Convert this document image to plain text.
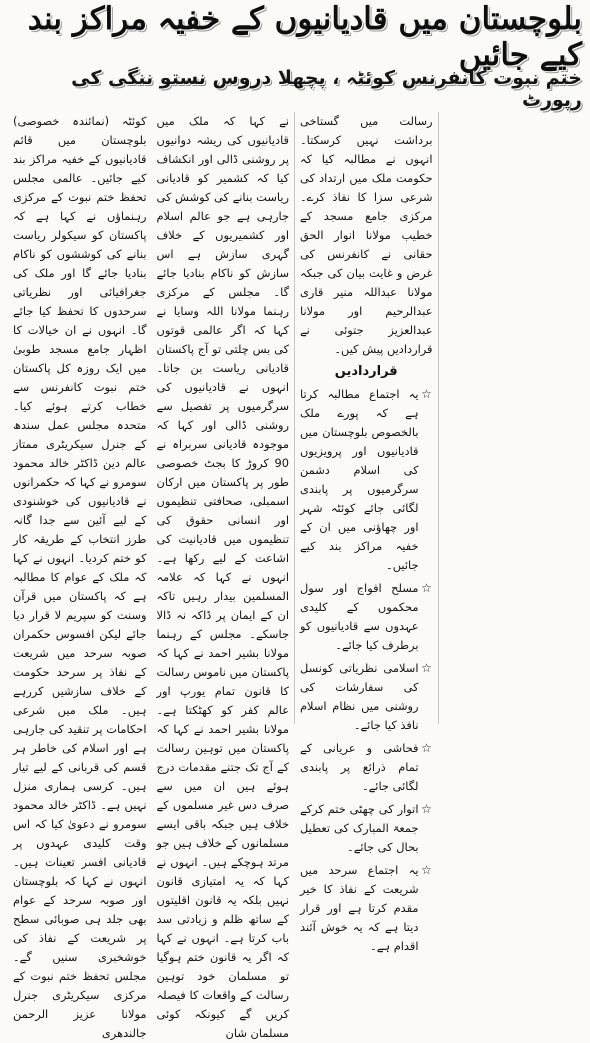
بلوچستان میں قادیانیوں کے خفیہ مراکز بند کیے جائیں
ختم نبوت کانفرنس کوئٹہ ، پچھلا دروس نستو ننگی کی رپورٹ

کوئٹہ (نمائندہ خصوصی) بلوچستان میں قائم قادیانیوں کے خفیہ مراکز بند کیے جائیں۔ عالمی مجلس تحفظ ختم نبوت کے مرکزی رہنماؤں نے کہا ہے کہ پاکستان کو سیکولر ریاست بنانے کی کوششوں کو ناکام بنادیا جائے گا اور ملک کی جغرافیائی اور نظریاتی سرحدوں کا تحفظ کیا جائے گا۔ انہوں نے ان خیالات کا اظہار جامع مسجد طوبیٰ میں ایک روزہ کل پاکستان ختم نبوت کانفرنس سے خطاب کرتے ہوئے کیا۔ متحدہ مجلس عمل سندھ کے جنرل سیکریٹری ممتاز عالم دین ڈاکٹر خالد محمود سومرو نے کہا کہ حکمرانوں نے قادیانیوں کی خوشنودی کے لیے آئین سے جدا گانہ طرز انتخاب کے طریقہ کار کو ختم کردیا۔ انہوں نے کہا کہ ملک کے عوام کا مطالبہ ہے کہ پاکستان میں قرآن وسنت کو سپریم لا قرار دیا جائے لیکن افسوس حکمران صوبہ سرحد میں شریعت کے نفاذ پر سرحد حکومت کے خلاف سازشیں کررہے ہیں۔ ملک میں شرعی احکامات پر تنقید کی جارہی ہے اور اسلام کی خاطر ہر قسم کی قربانی کے لیے تیار ہیں۔ کرسی ہماری منزل نہیں ہے۔ ڈاکٹر خالد محمود سومرو نے دعویٰ کیا کہ اس وقت کلیدی عہدوں پر قادیانی افسر تعینات ہیں۔ انہوں نے کہا کہ بلوچستان اور صوبہ سرحد کے عوام بھی جلد ہی صوبائی سطح پر شریعت کے نفاذ کی خوشخبری سنیں گے۔ مجلس تحفظ ختم نبوت کے مرکزی سیکریٹری جنرل مولانا عزیز الرحمن جالندھری

نے کہا کہ ملک میں قادیانیوں کی ریشہ دوانیوں پر روشنی ڈالی اور انکشاف کیا کہ کشمیر کو قادیانی ریاست بنانے کی کوشش کی جارہی ہے جو عالم اسلام اور کشمیریوں کے خلاف گہری سازش ہے اس سازش کو ناکام بنادیا جائے گا۔ مجلس کے مرکزی رہنما مولانا اللہ وسایا نے کہا کہ اگر عالمی قوتوں کی بس چلتی تو آج پاکستان قادیانی ریاست بن جاتا۔ انہوں نے قادیانیوں کی سرگرمیوں پر تفصیل سے روشنی ڈالی اور کہا کہ موجودہ قادیانی سربراہ نے 90 کروڑ کا بجٹ خصوصی طور پر پاکستان میں ارکان اسمبلی، صحافتی تنظیموں اور انسانی حقوق کی تنظیموں میں قادیانیت کی اشاعت کے لیے رکھا ہے۔ انہوں نے کہا کہ علامہ المسلمین بیدار رہیں تاکہ ان کے ایمان پر ڈاکہ نہ ڈالا جاسکے۔ مجلس کے رہنما مولانا بشیر احمد نے کہا کہ پاکستان میں ناموس رسالت کا قانون تمام یورپ اور عالم کفر کو کھٹکتا ہے۔ مولانا بشیر احمد نے کہا کہ پاکستان میں توہین رسالت کے آج تک جتنے مقدمات درج ہوئے ہیں ان میں سے صرف دس غیر مسلموں کے خلاف ہیں جبکہ باقی ایسے مسلمانوں کے خلاف ہیں جو مرتد ہوچکے ہیں۔ انہوں نے کہا کہ یہ امتیازی قانون نہیں بلکہ یہ قانون اقلیتوں کے ساتھ ظلم و زیادتی سد باب کرتا ہے۔ انہوں نے کہا کہ اگر یہ قانون ختم ہوگیا تو مسلمان خود توہین رسالت کے واقعات کا فیصلہ کریں گے کیونکہ کوئی مسلمان شان

رسالت میں گستاخی برداشت نہیں کرسکتا۔ انہوں نے مطالبہ کیا کہ حکومت ملک میں ارتداد کی شرعی سزا کا نفاذ کرے۔ مرکزی جامع مسجد کے خطیب مولانا انوار الحق حقانی نے کانفرنس کی غرض و غایت بیان کی جبکہ مولانا عبداللہ منیر قاری عبدالرحیم اور مولانا عبدالعزیز جتوئی نے قراردادیں پیش کیں۔

قراردادیں
☆

یہ اجتماع مطالبہ کرتا ہے کہ پورے ملک بالخصوص بلوچستان میں قادیانیوں اور پرویزیوں کی اسلام دشمن سرگرمیوں پر پابندی لگائی جائے کوئٹہ شہر اور چھاؤنی میں ان کے خفیہ مراکز بند کیے جائیں۔

☆

مسلح افواج اور سول محکموں کے کلیدی عہدوں سے قادیانیوں کو برطرف کیا جائے۔

☆

اسلامی نظریاتی کونسل کی سفارشات کی روشنی میں نظام اسلام نافذ کیا جائے۔

☆

فحاشی و عریانی کے تمام ذرائع پر پابندی لگائی جائے۔

☆

اتوار کی چھٹی ختم کرکے جمعۃ المبارک کی تعطیل بحال کی جائے۔

☆

یہ اجتماع سرحد میں شریعت کے نفاذ کا خیر مقدم کرتا ہے اور قرار دیتا ہے کہ یہ خوش آئند اقدام ہے۔
